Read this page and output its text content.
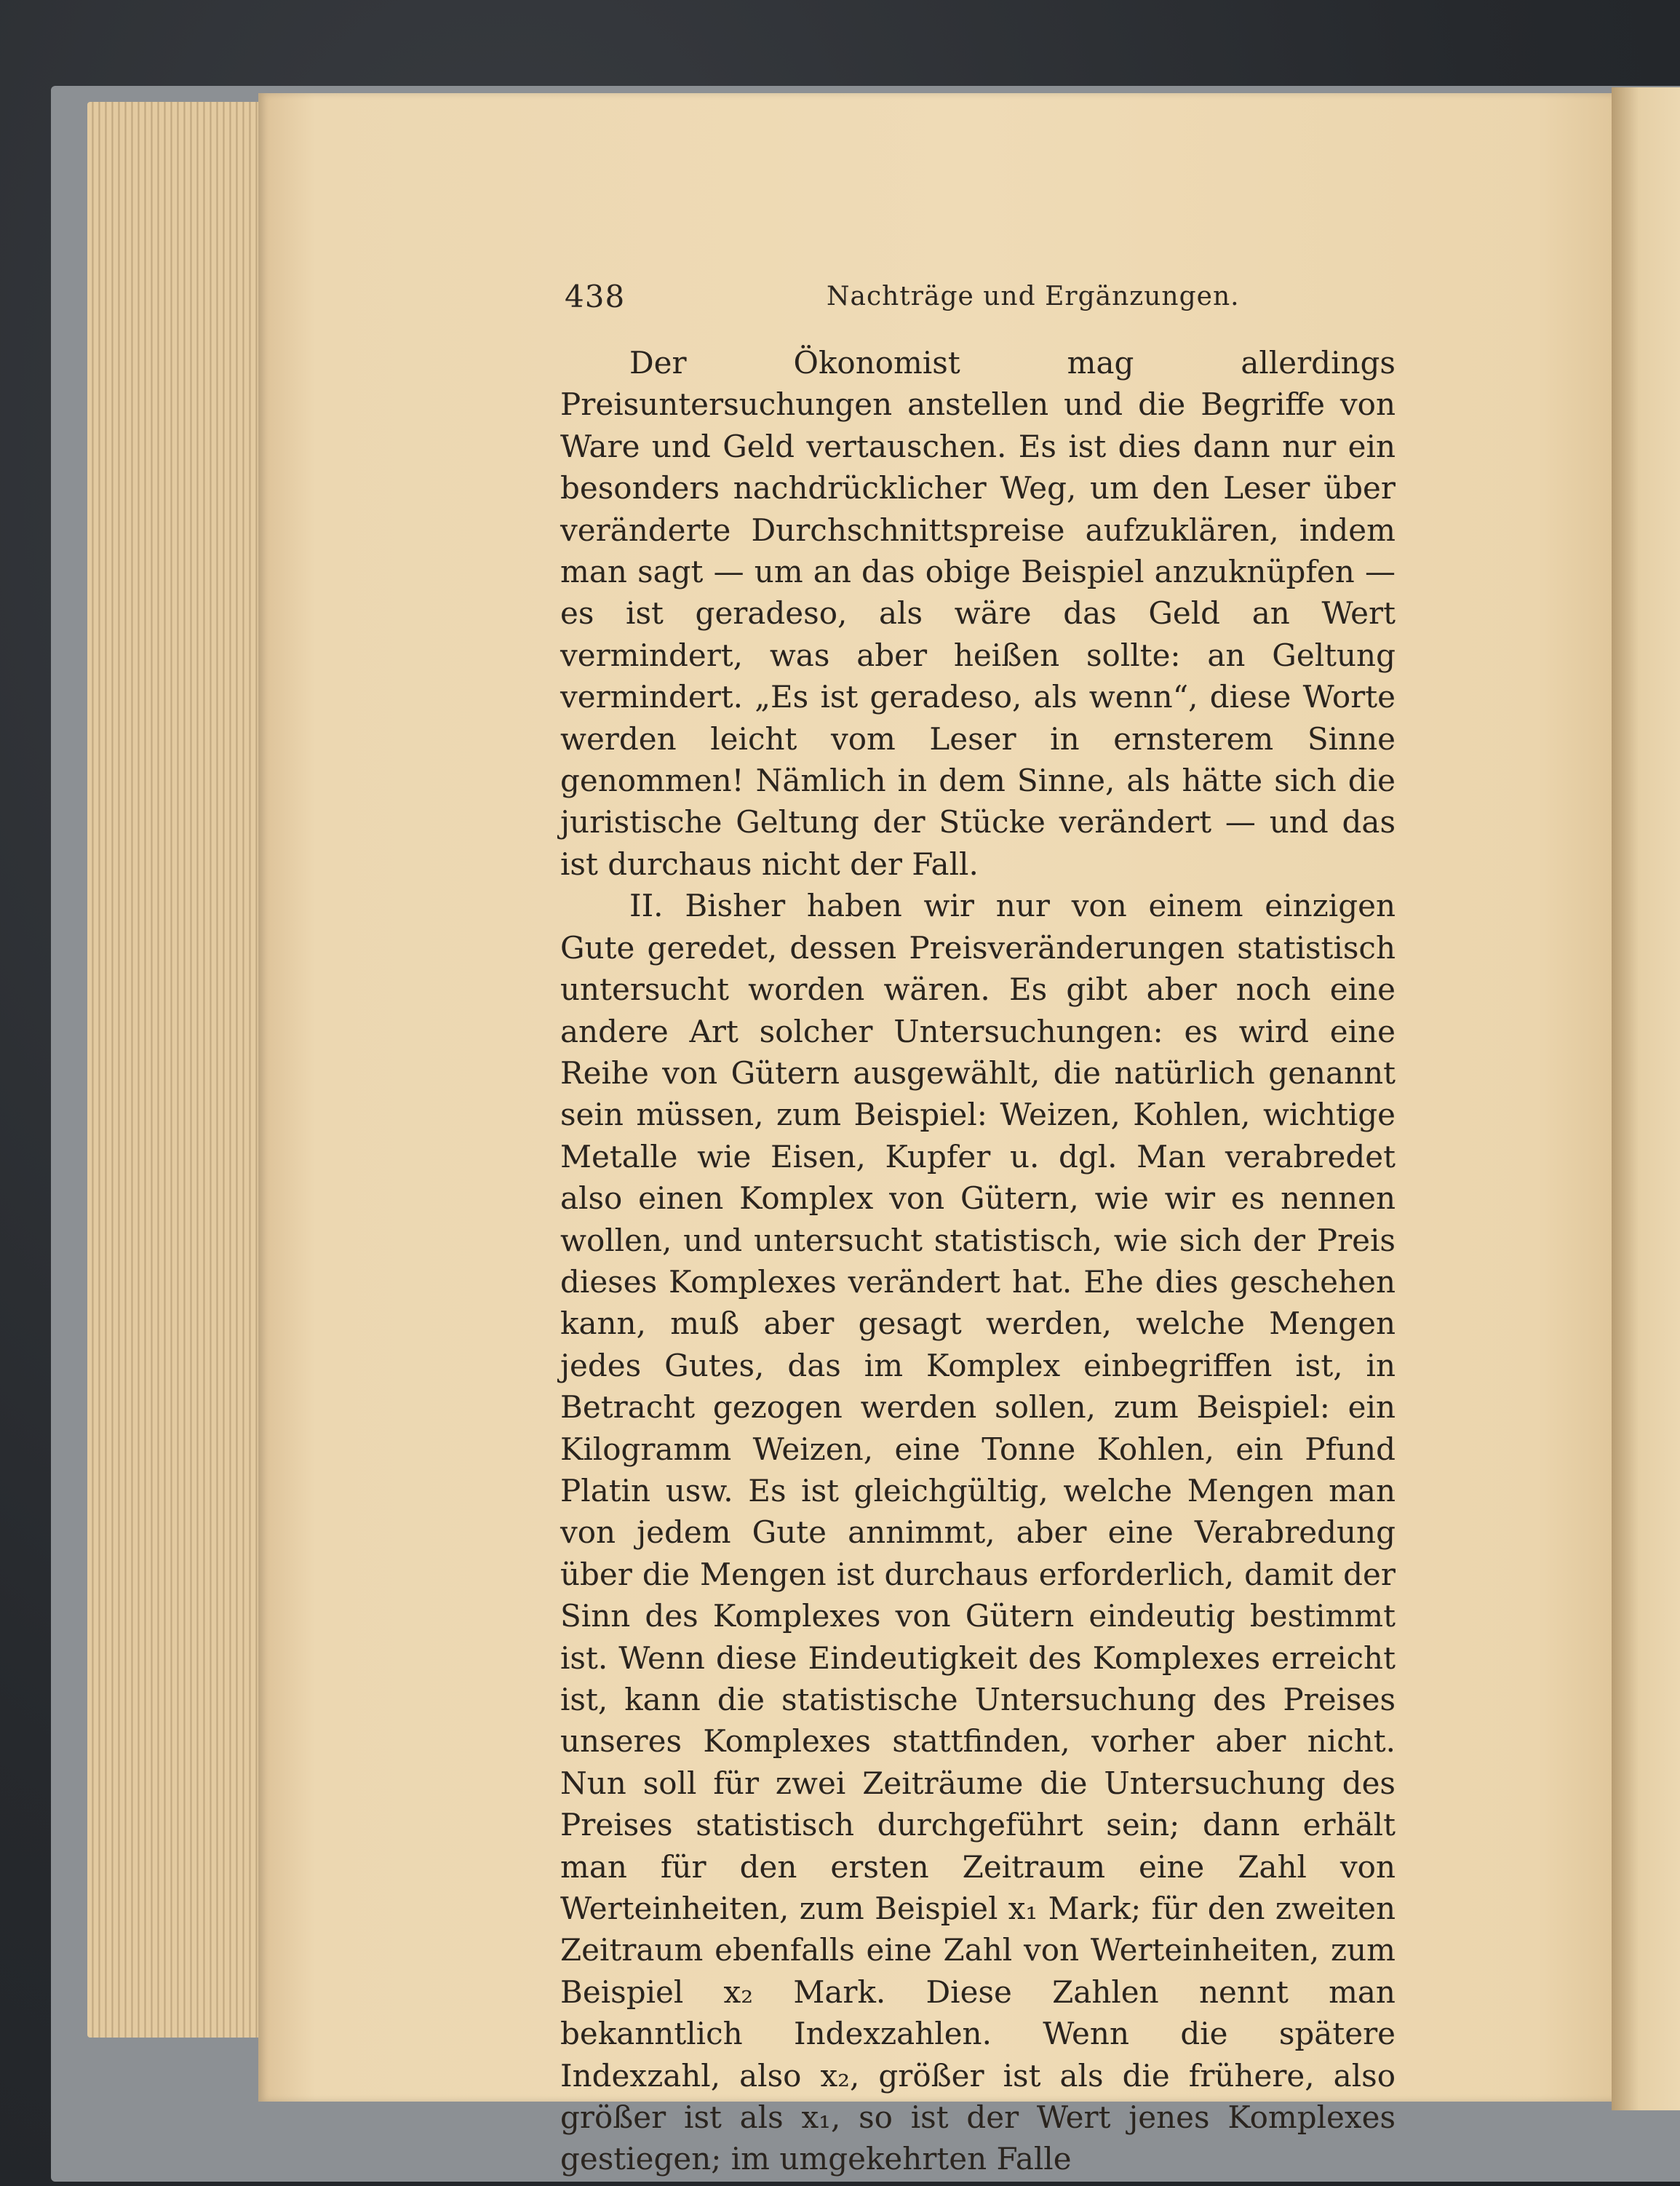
438	Nachträge und Ergänzungen.

Der Ökonomist mag allerdings Preisuntersuchungen anstellen und die Begriffe von Ware und Geld vertauschen. Es ist dies dann nur ein besonders nachdrücklicher Weg, um den Leser über veränderte Durchschnittspreise aufzuklären, indem man sagt — um an das obige Beispiel anzuknüpfen — es ist geradeso, als wäre das Geld an Wert vermindert, was aber heißen sollte: an Geltung vermindert. „Es ist geradeso, als wenn“, diese Worte werden leicht vom Leser in ernsterem Sinne genommen! Nämlich in dem Sinne, als hätte sich die juristische Geltung der Stücke verändert — und das ist durchaus nicht der Fall.

II. Bisher haben wir nur von einem einzigen Gute geredet, dessen Preisveränderungen statistisch untersucht worden wären. Es gibt aber noch eine andere Art solcher Untersuchungen: es wird eine Reihe von Gütern ausgewählt, die natürlich genannt sein müssen, zum Beispiel: Weizen, Kohlen, wichtige Metalle wie Eisen, Kupfer u. dgl. Man verabredet also einen Komplex von Gütern, wie wir es nennen wollen, und untersucht statistisch, wie sich der Preis dieses Komplexes verändert hat. Ehe dies geschehen kann, muß aber gesagt werden, welche Mengen jedes Gutes, das im Komplex einbegriffen ist, in Betracht gezogen werden sollen, zum Beispiel: ein Kilogramm Weizen, eine Tonne Kohlen, ein Pfund Platin usw. Es ist gleichgültig, welche Mengen man von jedem Gute annimmt, aber eine Verabredung über die Mengen ist durchaus erforderlich, damit der Sinn des Komplexes von Gütern eindeutig bestimmt ist. Wenn diese Eindeutigkeit des Komplexes erreicht ist, kann die statistische Untersuchung des Preises unseres Komplexes stattfinden, vorher aber nicht. Nun soll für zwei Zeiträume die Untersuchung des Preises statistisch durchgeführt sein; dann erhält man für den ersten Zeitraum eine Zahl von Werteinheiten, zum Beispiel x₁ Mark; für den zweiten Zeitraum ebenfalls eine Zahl von Werteinheiten, zum Beispiel x₂ Mark. Diese Zahlen nennt man bekanntlich Indexzahlen. Wenn die spätere Indexzahl, also x₂, größer ist als die frühere, also größer ist als x₁, so ist der Wert jenes Komplexes gestiegen; im umgekehrten Falle
